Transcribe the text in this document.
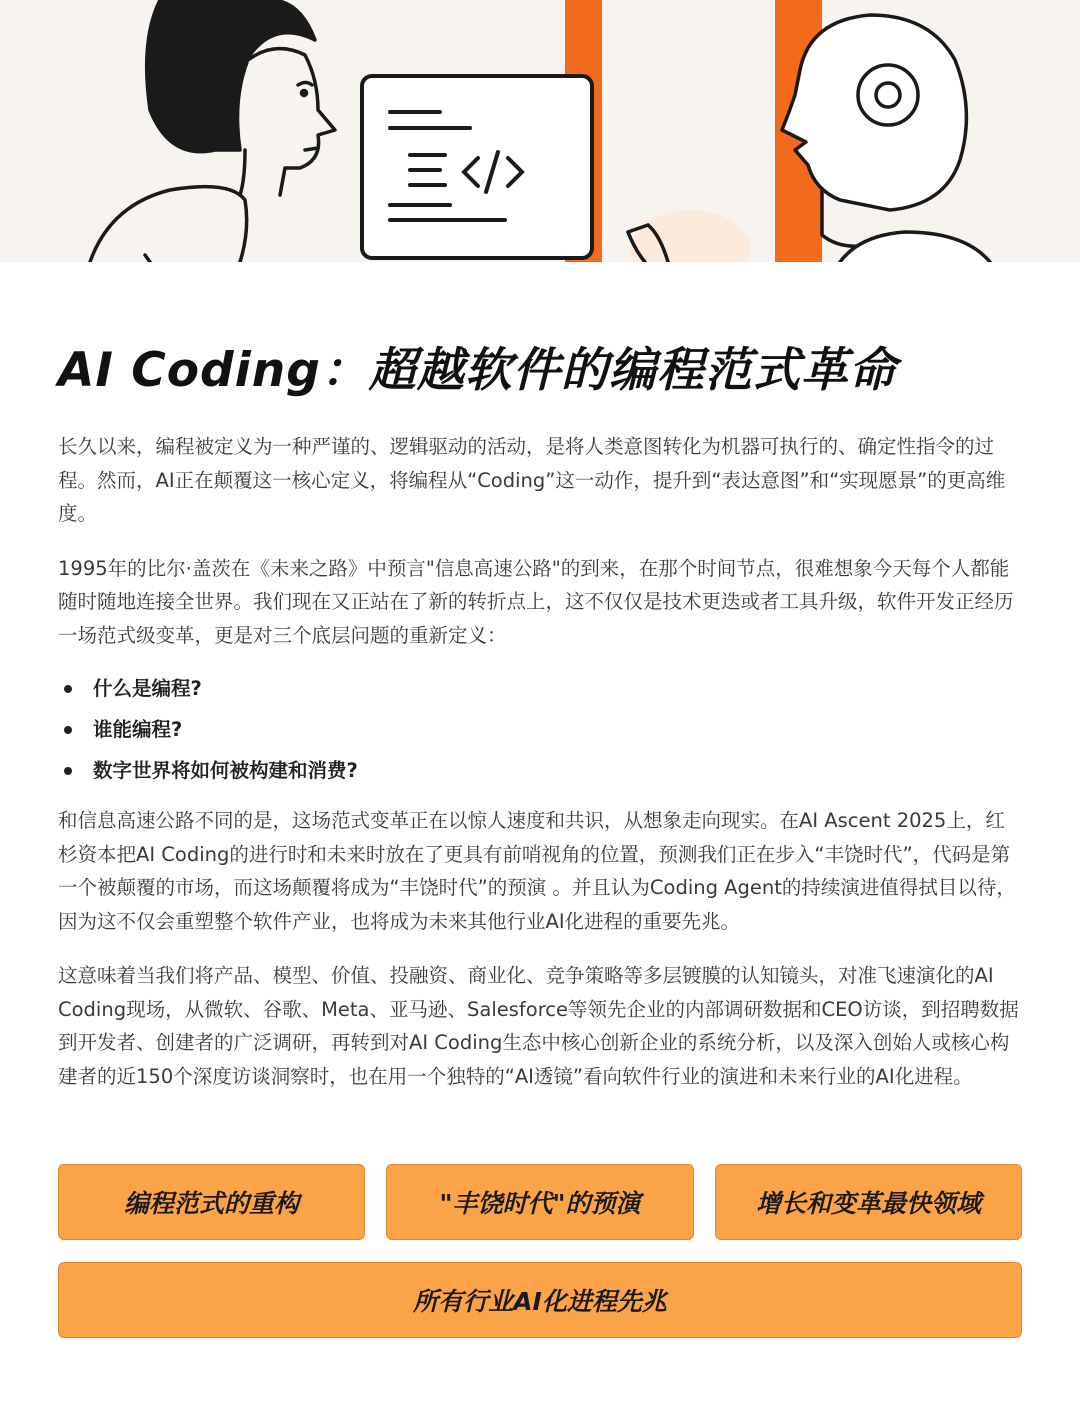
AI Coding：超越软件的编程范式革命

长久以来，编程被定义为一种严谨的、逻辑驱动的活动，是将人类意图转化为机器可执行的、确定性指令的过程。然而，AI正在颠覆这一核心定义，将编程从“Coding”这一动作，提升到“表达意图”和“实现愿景”的更高维度。

1995年的比尔·盖茨在《未来之路》中预言"信息高速公路"的到来，在那个时间节点，很难想象今天每个人都能随时随地连接全世界。我们现在又正站在了新的转折点上，这不仅仅是技术更迭或者工具升级，软件开发正经历一场范式级变革，更是对三个底层问题的重新定义：

什么是编程?
谁能编程?
数字世界将如何被构建和消费?

和信息高速公路不同的是，这场范式变革正在以惊人速度和共识，从想象走向现实。在AI Ascent 2025上，红杉资本把AI Coding的进行时和未来时放在了更具有前哨视角的位置，预测我们正在步入“丰饶时代”，代码是第一个被颠覆的市场，而这场颠覆将成为“丰饶时代”的预演 。并且认为Coding Agent的持续演进值得拭目以待，因为这不仅会重塑整个软件产业，也将成为未来其他行业AI化进程的重要先兆。

这意味着当我们将产品、模型、价值、投融资、商业化、竞争策略等多层镀膜的认知镜头，对准飞速演化的AI Coding现场，从微软、谷歌、Meta、亚马逊、Salesforce等领先企业的内部调研数据和CEO访谈，到招聘数据到开发者、创建者的广泛调研，再转到对AI Coding生态中核心创新企业的系统分析，以及深入创始人或核心构建者的近150个深度访谈洞察时，也在用一个独特的“AI透镜”看向软件行业的演进和未来行业的AI化进程。

编程范式的重构	"丰饶时代"的预演	增长和变革最快领域
所有行业AI化进程先兆
